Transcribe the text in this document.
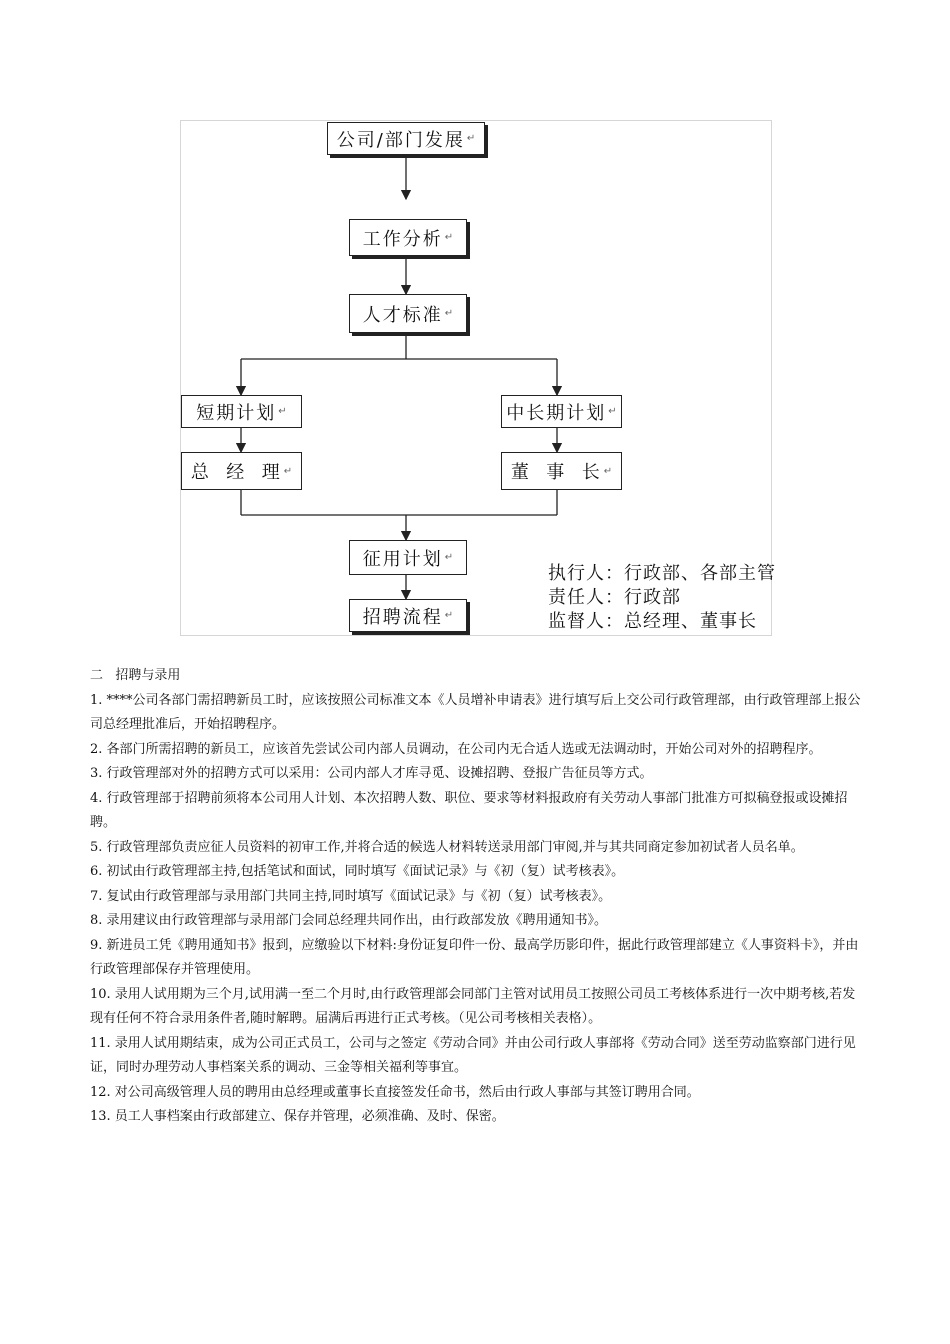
公司/部门发展 ↵
工作分析 ↵
人才标准 ↵
短期计划 ↵	中长期计划 ↵
总  经  理 ↵	董  事  长 ↵
征用计划 ↵
招聘流程 ↵
执行人：行政部、各部主管
责任人：行政部
监督人：总经理、董事长

二   招聘与录用

1. ****公司各部门需招聘新员工时，应该按照公司标准文本《人员增补申请表》进行填写后上交公司行政管理部，由行政管理部上报公司总经理批准后，开始招聘程序。

2. 各部门所需招聘的新员工，应该首先尝试公司内部人员调动，在公司内无合适人选或无法调动时，开始公司对外的招聘程序。

3. 行政管理部对外的招聘方式可以采用：公司内部人才库寻觅、设摊招聘、登报广告征员等方式。

4. 行政管理部于招聘前须将本公司用人计划、本次招聘人数、职位、要求等材料报政府有关劳动人事部门批准方可拟稿登报或设摊招聘。

5. 行政管理部负责应征人员资料的初审工作,并将合适的候选人材料转送录用部门审阅,并与其共同商定参加初试者人员名单。

6. 初试由行政管理部主持,包括笔试和面试，同时填写《面试记录》与《初（复）试考核表》。

7. 复试由行政管理部与录用部门共同主持,同时填写《面试记录》与《初（复）试考核表》。

8. 录用建议由行政管理部与录用部门会同总经理共同作出，由行政部发放《聘用通知书》。

9. 新进员工凭《聘用通知书》报到，应缴验以下材料:身份证复印件一份、最高学历影印件，据此行政管理部建立《人事资料卡》，并由行政管理部保存并管理使用。

10. 录用人试用期为三个月,试用满一至二个月时,由行政管理部会同部门主管对试用员工按照公司员工考核体系进行一次中期考核,若发现有任何不符合录用条件者,随时解聘。届满后再进行正式考核。（见公司考核相关表格）。

11. 录用人试用期结束，成为公司正式员工，公司与之签定《劳动合同》并由公司行政人事部将《劳动合同》送至劳动监察部门进行见证，同时办理劳动人事档案关系的调动、三金等相关福利等事宜。

12. 对公司高级管理人员的聘用由总经理或董事长直接签发任命书，然后由行政人事部与其签订聘用合同。

13. 员工人事档案由行政部建立、保存并管理，必须准确、及时、保密。
